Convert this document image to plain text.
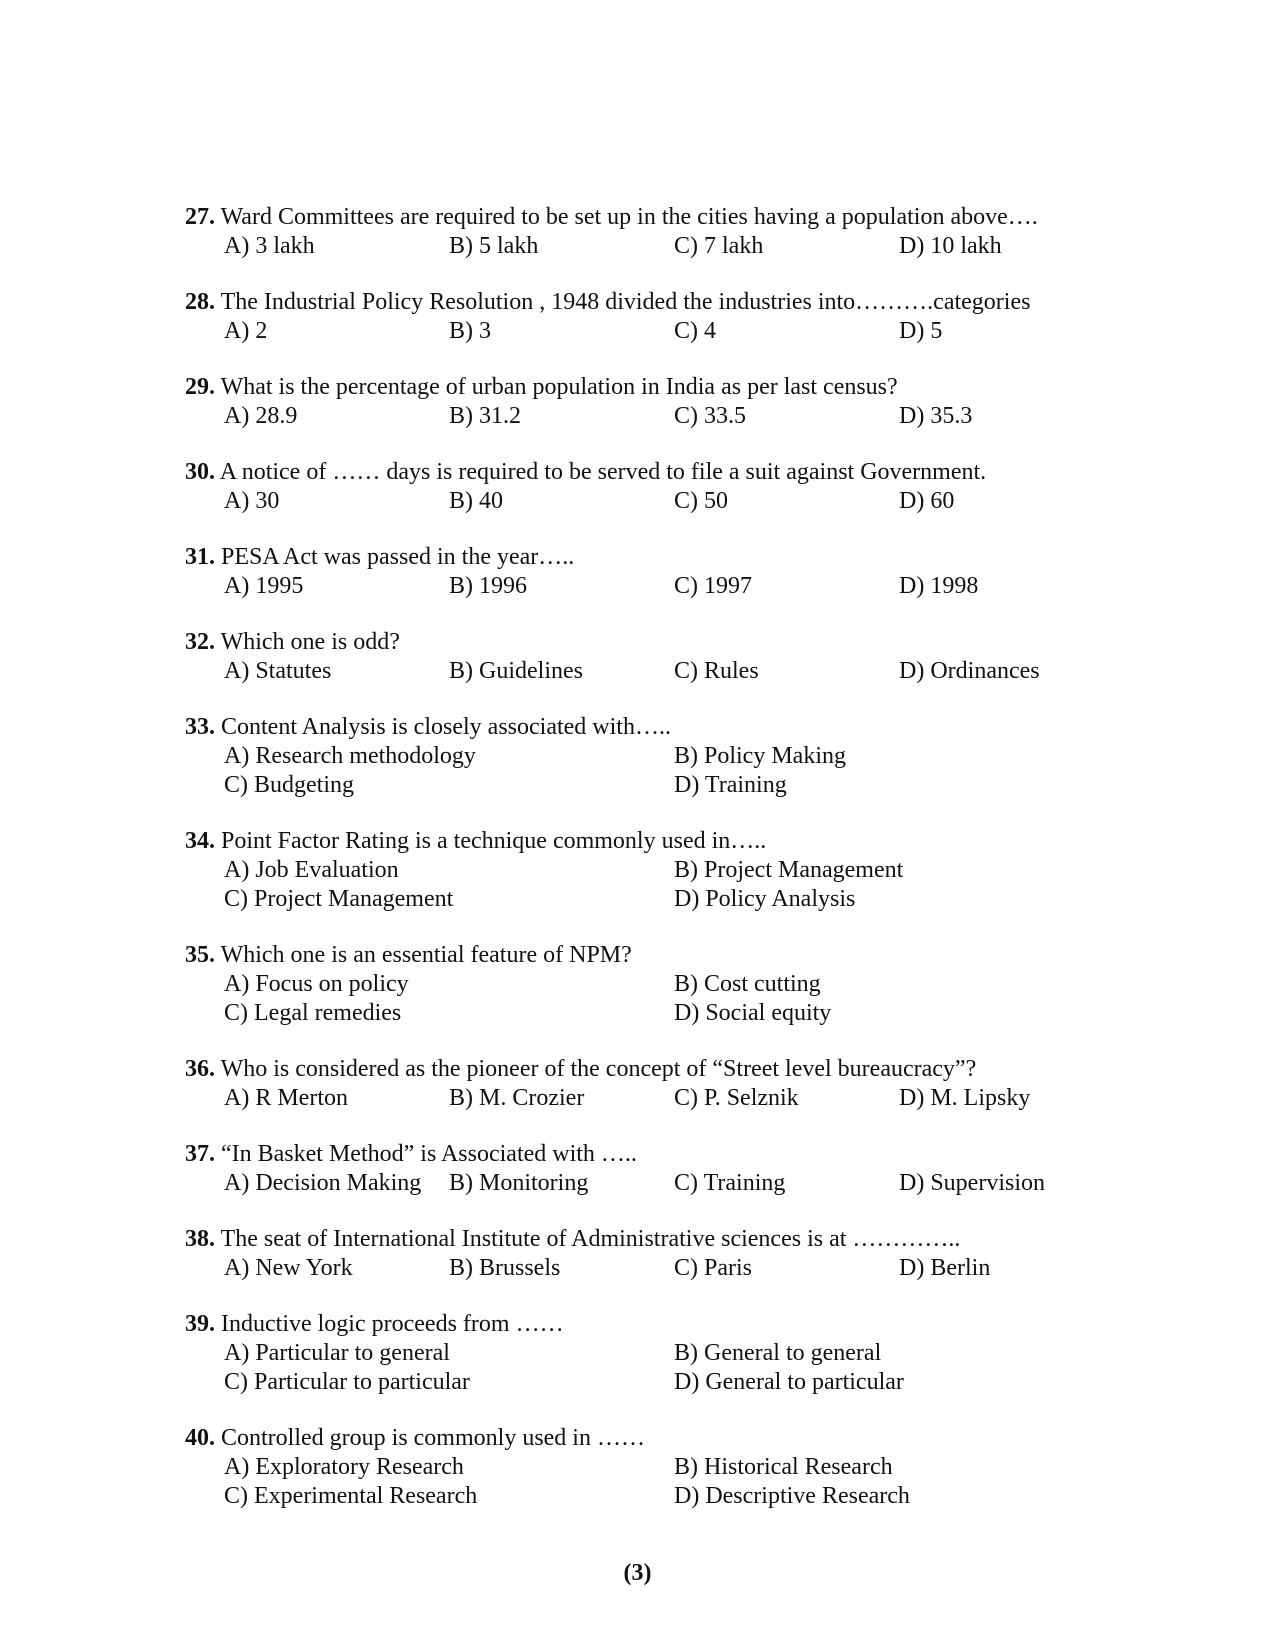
27. Ward Committees are required to be set up in the cities having a population above….
A) 3 lakh	B) 5 lakh	C) 7 lakh	D) 10 lakh
28. The Industrial Policy Resolution , 1948 divided the industries into……….categories
A) 2	B) 3	C) 4	D) 5
29. What is the percentage of urban population in India as per last census?
A) 28.9	B) 31.2	C) 33.5	D) 35.3
30. A notice of …… days is required to be served to file a suit against Government.
A) 30	B) 40	C) 50	D) 60
31. PESA Act was passed in the year…..
A) 1995	B) 1996	C) 1997	D) 1998
32. Which one is odd?
A) Statutes	B) Guidelines	C) Rules	D) Ordinances
33. Content Analysis is closely associated with…..
A) Research methodology	B) Policy Making
C) Budgeting	D) Training
34. Point Factor Rating is a technique commonly used in…..
A) Job Evaluation	B) Project Management
C) Project Management	D) Policy Analysis
35. Which one is an essential feature of NPM?
A) Focus on policy	B) Cost cutting
C) Legal remedies	D) Social equity
36. Who is considered as the pioneer of the concept of “Street level bureaucracy”?
A) R Merton	B) M. Crozier	C) P. Selznik	D) M. Lipsky
37. “In Basket Method” is Associated with …..
A) Decision Making	B) Monitoring	C) Training	D) Supervision
38. The seat of International Institute of Administrative sciences is at …………..
A) New York	B) Brussels	C) Paris	D) Berlin
39. Inductive logic proceeds from ……
A) Particular to general	B) General to general
C) Particular to particular	D) General to particular
40. Controlled group is commonly used in ……
A) Exploratory Research	B) Historical Research
C) Experimental Research	D) Descriptive Research
(3)
